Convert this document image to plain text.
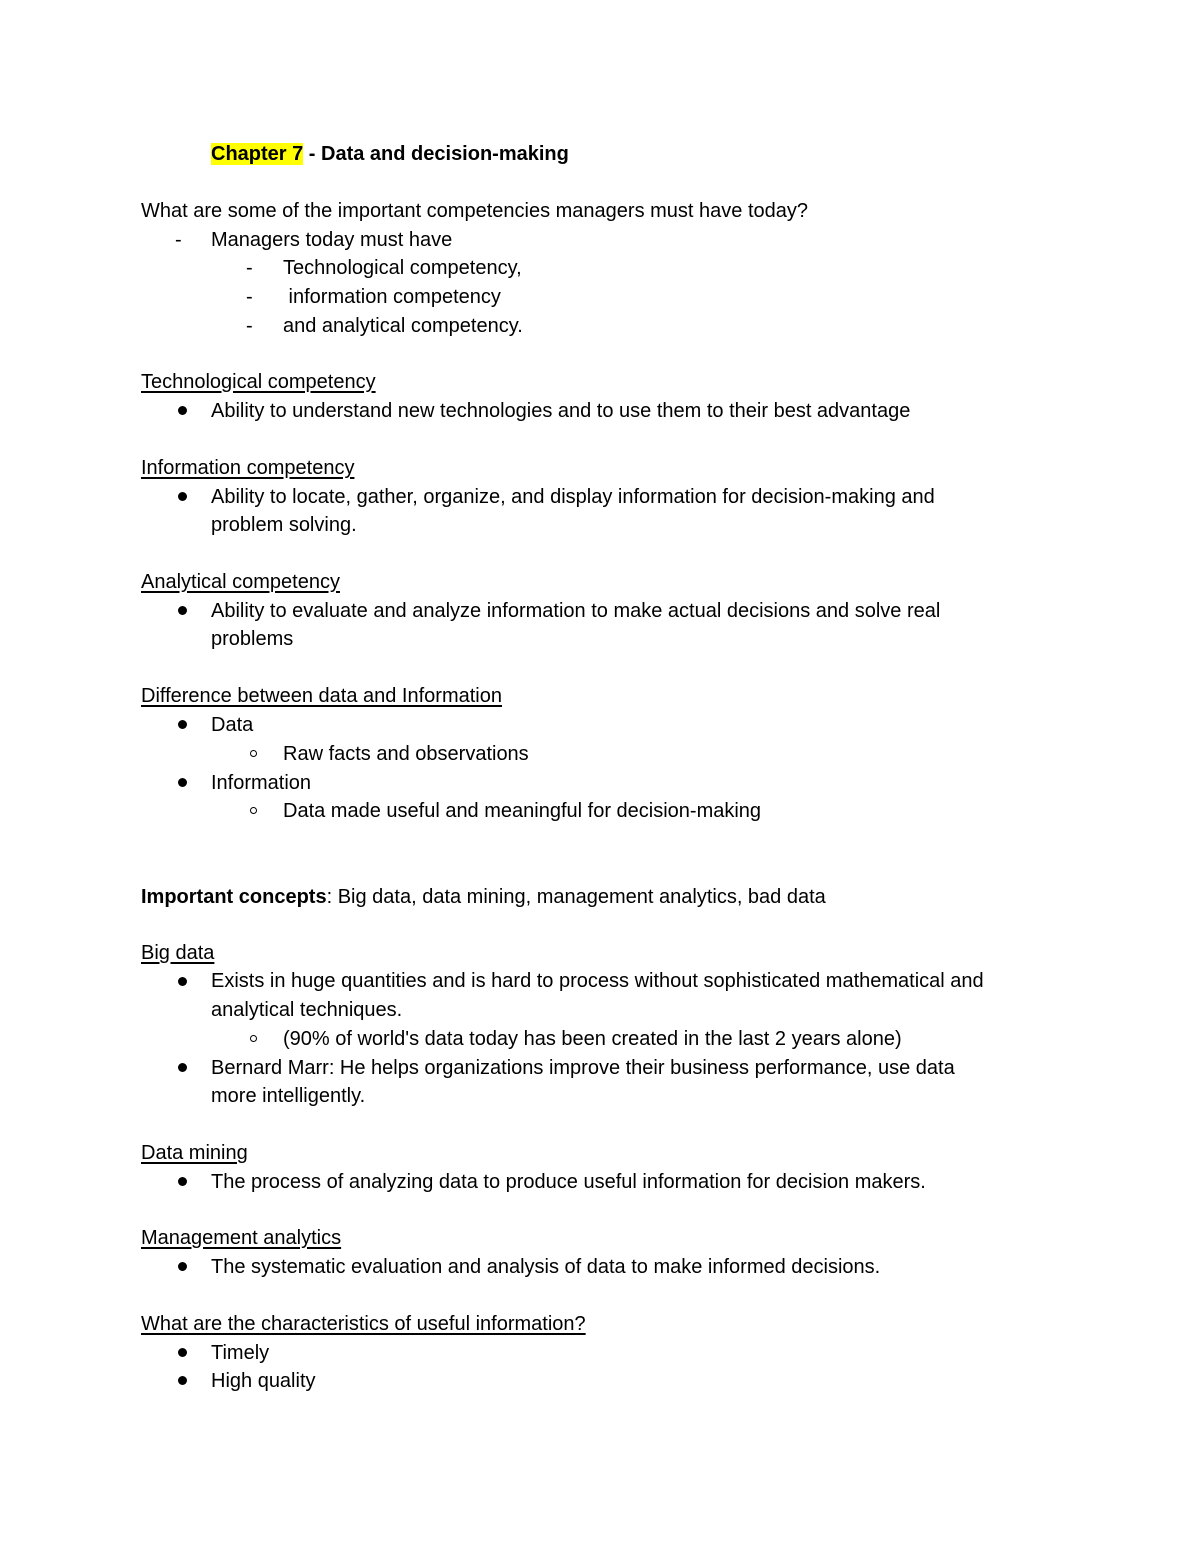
Chapter 7 - Data and decision-making
What are some of the important competencies managers must have today?
- Managers today must have
- Technological competency,
- information competency
- and analytical competency.
Technological competency
Ability to understand new technologies and to use them to their best advantage
Information competency
Ability to locate, gather, organize, and display information for decision-making and
problem solving.
Analytical competency
Ability to evaluate and analyze information to make actual decisions and solve real
problems
Difference between data and Information
Data
Raw facts and observations
Information
Data made useful and meaningful for decision-making
Important concepts: Big data, data mining, management analytics, bad data
Big data
Exists in huge quantities and is hard to process without sophisticated mathematical and
analytical techniques.
(90% of world's data today has been created in the last 2 years alone)
Bernard Marr: He helps organizations improve their business performance, use data
more intelligently.
Data mining
The process of analyzing data to produce useful information for decision makers.
Management analytics
The systematic evaluation and analysis of data to make informed decisions.
What are the characteristics of useful information?
Timely
High quality
